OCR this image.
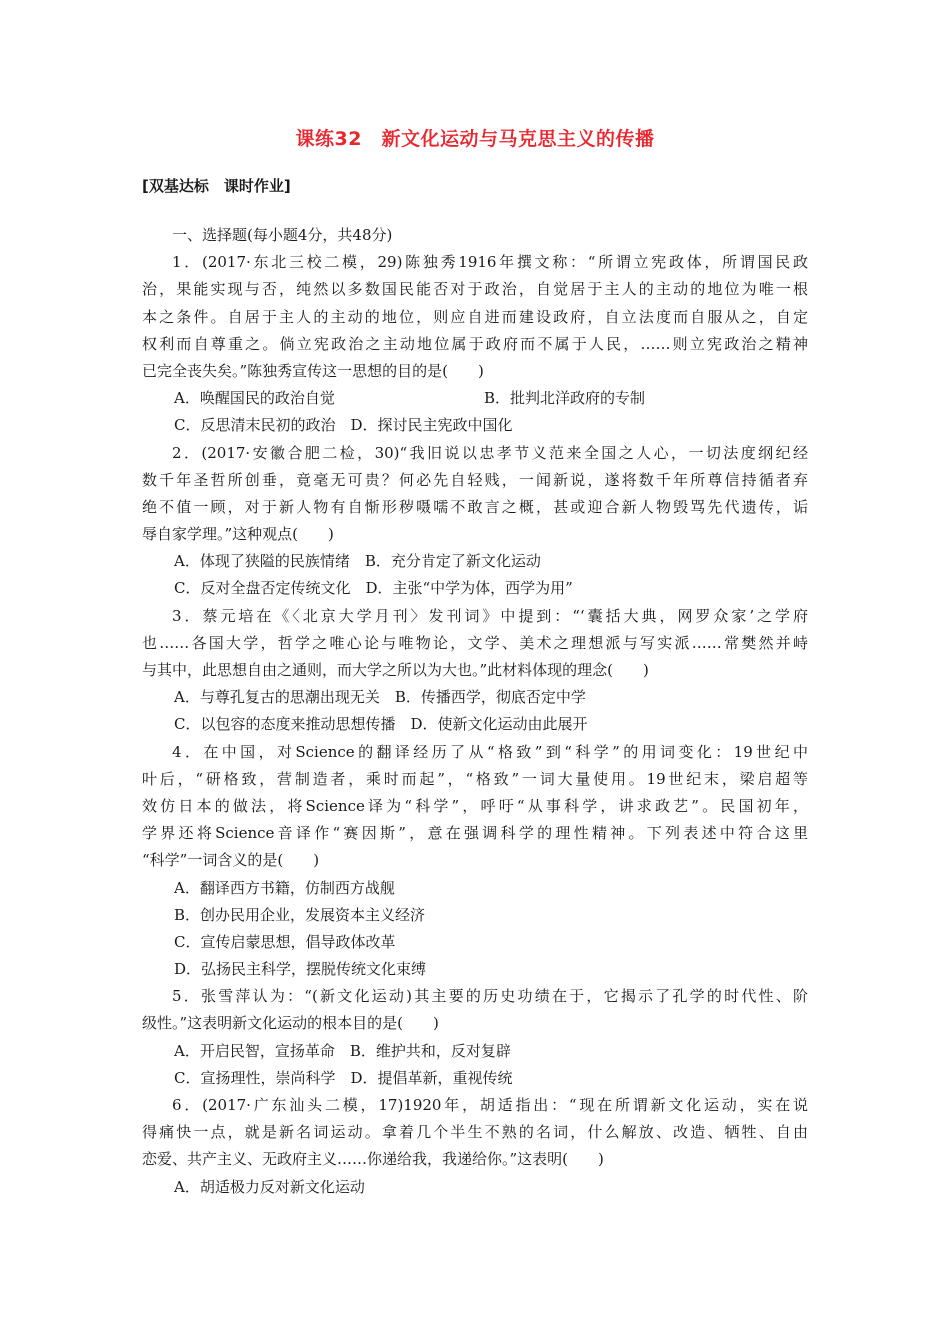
课练32　新文化运动与马克思主义的传播
[双基达标　课时作业]
一、选择题(每小题4分，共48分)
1．(2017·东北三校二模，29)陈独秀1916年撰文称：“所谓立宪政体，所谓国民政
治，果能实现与否，纯然以多数国民能否对于政治，自觉居于主人的主动的地位为唯一根
本之条件。自居于主人的主动的地位，则应自进而建设政府，自立法度而自服从之，自定
权利而自尊重之。倘立宪政治之主动地位属于政府而不属于人民，……则立宪政治之精神
已完全丧失矣。”陈独秀宣传这一思想的目的是(　　)
A．唤醒国民的政治自觉	B．批判北洋政府的专制
C．反思清末民初的政治　D．探讨民主宪政中国化
2．(2017·安徽合肥二检，30)“我旧说以忠孝节义范来全国之人心，一切法度纲纪经
数千年圣哲所创垂，竟毫无可贵？何必先自轻贱，一闻新说，遂将数千年所尊信持循者弃
绝不值一顾，对于新人物有自惭形秽嗫嚅不敢言之概，甚或迎合新人物毁骂先代遗传，诟
辱自家学理。”这种观点(　　)
A．体现了狭隘的民族情绪　B．充分肯定了新文化运动
C．反对全盘否定传统文化　D．主张“中学为体，西学为用”
3．蔡元培在《〈北京大学月刊〉发刊词》中提到：“‘囊括大典，网罗众家’之学府
也……各国大学，哲学之唯心论与唯物论，文学、美术之理想派与写实派……常樊然并峙
与其中，此思想自由之通则，而大学之所以为大也。”此材料体现的理念(　　)
A．与尊孔复古的思潮出现无关　B．传播西学，彻底否定中学
C．以包容的态度来推动思想传播　D．使新文化运动由此展开
4．在中国，对Science的翻译经历了从“格致”到“科学”的用词变化：19世纪中
叶后，“研格致，营制造者，乘时而起”，“格致”一词大量使用。19世纪末，梁启超等
效仿日本的做法，将Science译为“科学”，呼吁“从事科学，讲求政艺”。民国初年，
学界还将Science音译作“赛因斯”，意在强调科学的理性精神。下列表述中符合这里
“科学”一词含义的是(　　)
A．翻译西方书籍，仿制西方战舰
B．创办民用企业，发展资本主义经济
C．宣传启蒙思想，倡导政体改革
D．弘扬民主科学，摆脱传统文化束缚
5．张雪萍认为：“(新文化运动)其主要的历史功绩在于，它揭示了孔学的时代性、阶
级性。”这表明新文化运动的根本目的是(　　)
A．开启民智，宣扬革命　B．维护共和，反对复辟
C．宣扬理性，崇尚科学　D．提倡革新，重视传统
6．(2017·广东汕头二模，17)1920年，胡适指出：“现在所谓新文化运动，实在说
得痛快一点，就是新名词运动。拿着几个半生不熟的名词，什么解放、改造、牺牲、自由
恋爱、共产主义、无政府主义……你递给我，我递给你。”这表明(　　)
A．胡适极力反对新文化运动
